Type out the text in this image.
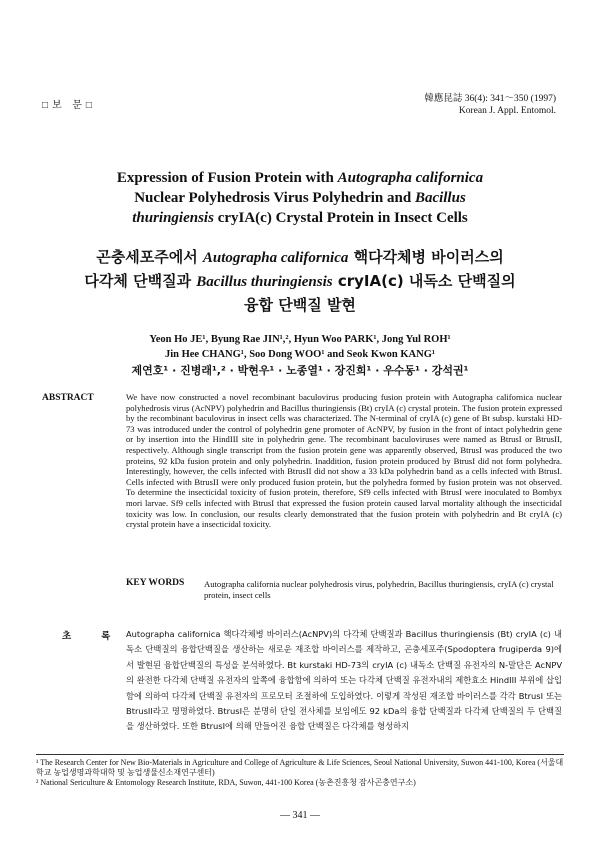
□보 문□
韓應昆誌 36(4): 341～350 (1997)
Korean J. Appl. Entomol.
Expression of Fusion Protein with Autographa californica
Nuclear Polyhedrosis Virus Polyhedrin and Bacillus
thuringiensis cryIA(c) Crystal Protein in Insect Cells
곤충세포주에서 Autographa californica 핵다각체병 바이러스의
다각체 단백질과 Bacillus thuringiensis cryIA(c) 내독소 단백질의
융합 단백질 발현
Yeon Ho JE¹, Byung Rae JIN¹,², Hyun Woo PARK¹, Jong Yul ROH¹
Jin Hee CHANG¹, Soo Dong WOO¹ and Seok Kwon KANG¹
제연호¹ · 진병래¹,² · 박현우¹ · 노종열¹ · 장진희¹ · 우수동¹ · 강석권¹
ABSTRACT	We have now constructed a novel recombinant baculovirus producing fusion protein with Autographa californica nuclear polyhedrosis virus (AcNPV) polyhedrin and Bacillus thuringiensis (Bt) cryIA (c) crystal protein. The fusion protein expressed by the recombinant baculovirus in insect cells was characterized. The N-terminal of cryIA (c) gene of Bt subsp. kurstaki HD-73 was introduced under the control of polyhedrin gene promoter of AcNPV, by fusion in the front of intact polyhedrin gene or by insertion into the HindIII site in polyhedrin gene. The recombinant baculoviruses were named as BtrusI or BtrusII, respectively. Although single transcript from the fusion protein gene was apparently observed, BtrusI was produced the two proteins, 92 kDa fusion protein and only polyhedrin. Inaddition, fusion protein produced by BtrusI did not form polyhedra. Interestingly, however, the cells infected with BtrusII did not show a 33 kDa polyhedrin band as a cells infected with BtrusI. Cells infected with BtrusII were only produced fusion protein, but the polyhedra formed by fusion protein was not observed. To determine the insecticidal toxicity of fusion protein, therefore, Sf9 cells infected with BtrusI were inoculated to Bombyx mori larvae. Sf9 cells infected with BtrusI that expressed the fusion protein caused larval mortality although the insecticidal toxicity was low. In conclusion, our results clearly demonstrated that the fusion protein with polyhedrin and Bt cryIA (c) crystal protein have a insecticidal toxicity.
KEY WORDS Autographa california nuclear polyhedrosis virus, polyhedrin, Bacillus thuringiensis, cryIA (c) crystal protein, insect cells
초록
Autographa californica 핵다각체병 바이러스(AcNPV)의 다각체 단백질과 Bacillus thuringiensis (Bt) cryIA (c) 내독소 단백질의 융합단백질을 생산하는 새로운 재조합 바이러스를 제작하고, 곤충세포주(Spodoptera frugiperda 9)에서 발현된 융합단백질의 특성을 분석하였다. Bt kurstaki HD-73의 cryIA (c) 내독소 단백질 유전자의 N-말단은 AcNPV의 완전한 다각체 단백질 유전자의 앞쪽에 융합함에 의하여 또는 다각체 단백질 유전자내의 제한효소 HindIII 부위에 삽입함에 의하여 다각체 단백질 유전자의 프로모터 조절하에 도입하였다. 이렇게 작성된 재조합 바이러스를 각각 BtrusI 또는 BtrusII라고 명명하였다. BtrusI은 분명히 단일 전사체를 보임에도 92 kDa의 융합 단백질과 다각체 단백질의 두 단백질을 생산하였다. 또한 BtrusI에 의해 만들어진 융합 단백질은 다각체를 형성하지
¹ The Research Center for New Bio-Materials in Agriculture and College of Agriculture & Life Sciences, Seoul National University, Suwon 441-100, Korea (서울대학교 농업생명과학대학 및 농업생물신소재연구센터)
² National Sericulture & Entomology Research Institute, RDA, Suwon, 441-100 Korea (농촌진흥청 잠사곤충연구소)
— 341 —
